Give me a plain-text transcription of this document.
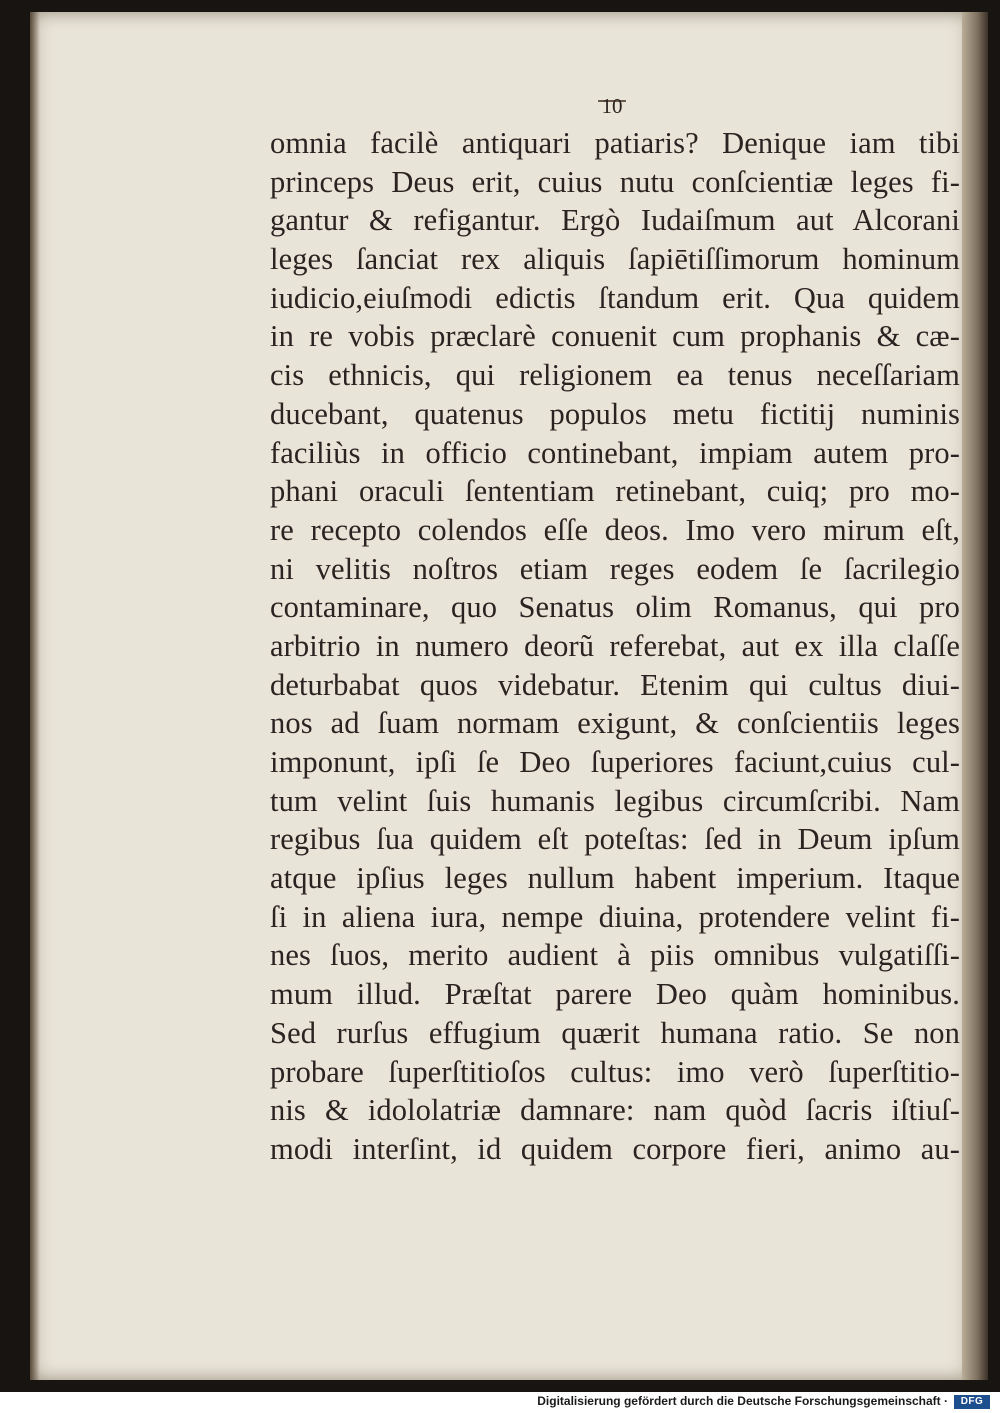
10
omnia facilè antiquari patiaris? Denique iam tibi
princeps Deus erit, cuius nutu conſcientiæ leges fi-
gantur & refigantur. Ergò Iudaiſmum aut Alcorani
leges ſanciat rex aliquis ſapiētiſſimorum hominum
iudicio,eiuſmodi edictis ſtandum erit. Qua quidem
in re vobis præclarè conuenit cum prophanis & cæ-
cis ethnicis, qui religionem ea tenus neceſſariam
ducebant, quatenus populos metu fictitij numinis
faciliùs in officio continebant, impiam autem pro-
phani oraculi ſententiam retinebant, cuiq; pro mo-
re recepto colendos eſſe deos. Imo vero mirum eſt,
ni velitis noſtros etiam reges eodem ſe ſacrilegio
contaminare, quo Senatus olim Romanus, qui pro
arbitrio in numero deorũ referebat, aut ex illa claſſe
deturbabat quos videbatur. Etenim qui cultus diui-
nos ad ſuam normam exigunt, & conſcientiis leges
imponunt, ipſi ſe Deo ſuperiores faciunt,cuius cul-
tum velint ſuis humanis legibus circumſcribi. Nam
regibus ſua quidem eſt poteſtas: ſed in Deum ipſum
atque ipſius leges nullum habent imperium. Itaque
ſi in aliena iura, nempe diuina, protendere velint fi-
nes ſuos, merito audient à piis omnibus vulgatiſſi-
mum illud. Præſtat parere Deo quàm hominibus.
Sed rurſus effugium quærit humana ratio. Se non
probare ſuperſtitioſos cultus: imo verò ſuperſtitio-
nis & idololatriæ damnare: nam quòd ſacris iſtiuſ-
modi interſint, id quidem corpore fieri, animo au-
Digitalisierung gefördert durch die Deutsche Forschungsgemeinschaft ·	DFG
